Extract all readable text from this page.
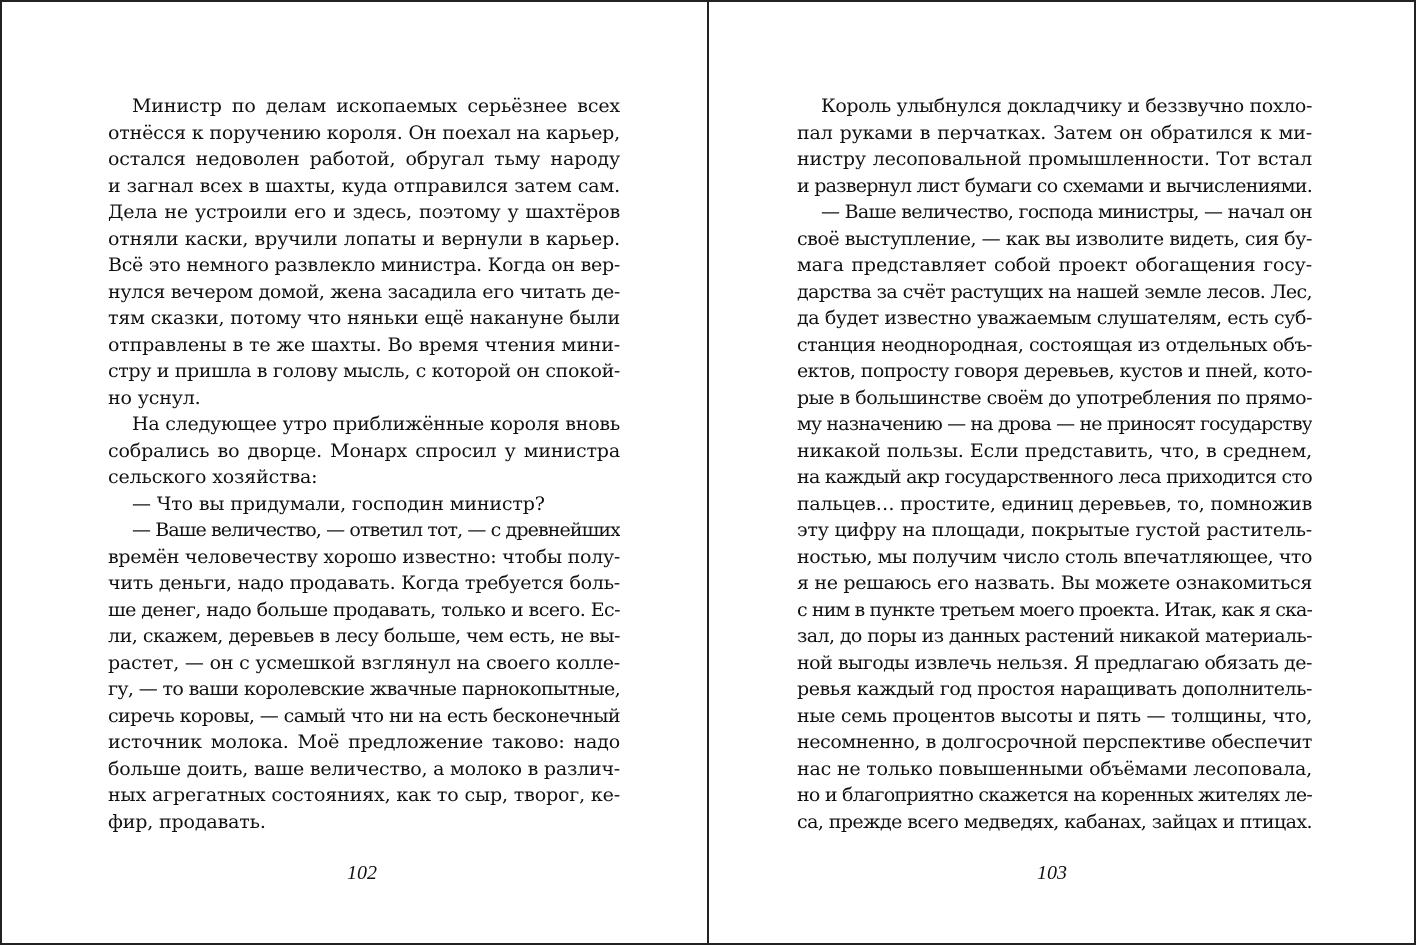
Министр по делам ископаемых серьёзнее всех
отнёсся к поручению короля. Он поехал на карьер,
остался недоволен работой, обругал тьму народу
и загнал всех в шахты, куда отправился затем сам.
Дела не устроили его и здесь, поэтому у шахтёров
отняли каски, вручили лопаты и вернули в карьер.
Всё это немного развлекло министра. Когда он вер-
нулся вечером домой, жена засадила его читать де-
тям сказки, потому что няньки ещё накануне были
отправлены в те же шахты. Во время чтения мини-
стру и пришла в голову мысль, с которой он спокой-
но уснул.
На следующее утро приближённые короля вновь
собрались во дворце. Монарх спросил у министра
сельского хозяйства:
— Что вы придумали, господин министр?
— Ваше величество, — ответил тот, — с древнейших
времён человечеству хорошо известно: чтобы полу-
чить деньги, надо продавать. Когда требуется боль-
ше денег, надо больше продавать, только и всего. Ес-
ли, скажем, деревьев в лесу больше, чем есть, не вы-
растет, — он с усмешкой взглянул на своего колле-
гу, — то ваши королевские жвачные парнокопытные,
сиречь коровы, — самый что ни на есть бесконечный
источник молока. Моё предложение таково: надо
больше доить, ваше величество, а молоко в различ-
ных агрегатных состояниях, как то сыр, творог, ке-
фир, продавать.
102
Король улыбнулся докладчику и беззвучно похло-
пал руками в перчатках. Затем он обратился к ми-
нистру лесоповальной промышленности. Тот встал
и развернул лист бумаги со схемами и вычислениями.
— Ваше величество, господа министры, — начал он
своё выступление, — как вы изволите видеть, сия бу-
мага представляет собой проект обогащения госу-
дарства за счёт растущих на нашей земле лесов. Лес,
да будет известно уважаемым слушателям, есть суб-
станция неоднородная, состоящая из отдельных объ-
ектов, попросту говоря деревьев, кустов и пней, кото-
рые в большинстве своём до употребления по прямо-
му назначению — на дрова — не приносят государству
никакой пользы. Если представить, что, в среднем,
на каждый акр государственного леса приходится сто
пальцев… простите, единиц деревьев, то, помножив
эту цифру на площади, покрытые густой раститель-
ностью, мы получим число столь впечатляющее, что
я не решаюсь его назвать. Вы можете ознакомиться
с ним в пункте третьем моего проекта. Итак, как я ска-
зал, до поры из данных растений никакой материаль-
ной выгоды извлечь нельзя. Я предлагаю обязать де-
ревья каждый год простоя наращивать дополнитель-
ные семь процентов высоты и пять — толщины, что,
несомненно, в долгосрочной перспективе обеспечит
нас не только повышенными объёмами лесоповала,
но и благоприятно скажется на коренных жителях ле-
са, прежде всего медведях, кабанах, зайцах и птицах.
103
